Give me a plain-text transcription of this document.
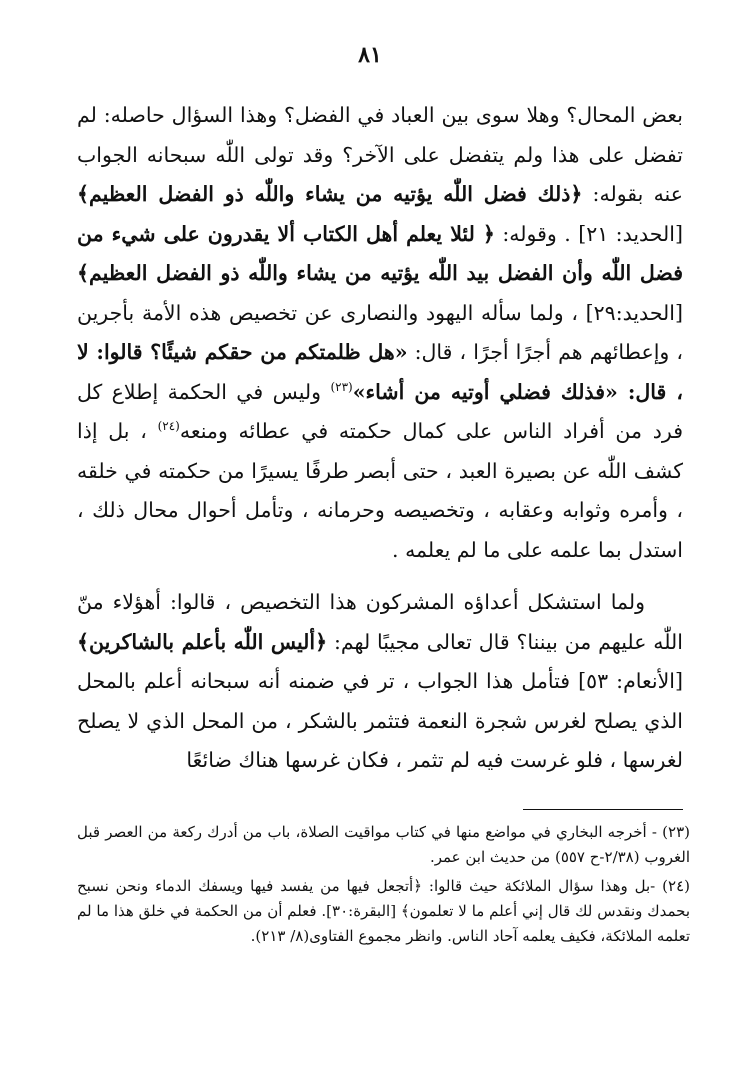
٨١

بعض المحال؟ وهلا سوى بين العباد في الفضل؟ وهذا السؤال حاصله: لم تفضل على هذا ولم يتفضل على الآخر؟ وقد تولى اللّٰه سبحانه الجواب عنه بقوله: ﴿ذلك فضل اللّٰه يؤتيه من يشاء واللّٰه ذو الفضل العظيم﴾ [الحديد: ٢١] . وقوله: ﴿ لئلا يعلم أهل الكتاب ألا يقدرون على شيء من فضل اللّٰه وأن الفضل بيد اللّٰه يؤتيه من يشاء واللّٰه ذو الفضل العظيم﴾ [الحديد:٢٩] ، ولما سأله اليهود والنصارى عن تخصيص هذه الأمة بأجرين ، وإعطائهم هم أجرًا أجرًا ، قال: «هل ظلمتكم من حقكم شيئًا؟ قالوا: لا ، قال: «فذلك فضلي أوتيه من أشاء»$^{(٢٣)}$ وليس في الحكمة إطلاع كل فرد من أفراد الناس على كمال حكمته في عطائه ومنعه$^{(٢٤)}$ ، بل إذا كشف اللّٰه عن بصيرة العبد ، حتى أبصر طرفًا يسيرًا من حكمته في خلقه ، وأمره وثوابه وعقابه ، وتخصيصه وحرمانه ، وتأمل أحوال محال ذلك ، استدل بما علمه على ما لم يعلمه .

ولما استشكل أعداؤه المشركون هذا التخصيص ، قالوا: أهؤلاء منّ اللّٰه عليهم من بيننا؟ قال تعالى مجيبًا لهم: ﴿أليس اللّٰه بأعلم بالشاكرين﴾ [الأنعام: ٥٣] فتأمل هذا الجواب ، تر في ضمنه أنه سبحانه أعلم بالمحل الذي يصلح لغرس شجرة النعمة فتثمر بالشكر ، من المحل الذي لا يصلح لغرسها ، فلو غرست فيه لم تثمر ، فكان غرسها هناك ضائعًا

(٢٣) - أخرجه البخاري في مواضع منها في كتاب مواقيت الصلاة، باب من أدرك ركعة من العصر قبل الغروب (٢/٣٨-ح ٥٥٧) من حديث ابن عمر.

(٢٤) -بل وهذا سؤال الملائكة حيث قالوا: ﴿أتجعل فيها من يفسد فيها ويسفك الدماء ونحن نسبح بحمدك ونقدس لك قال إني أعلم ما لا تعلمون﴾ [البقرة:٣٠]. فعلم أن من الحكمة في خلق هذا ما لم تعلمه الملائكة، فكيف يعلمه آحاد الناس. وانظر مجموع الفتاوى(٨/ ٢١٣).
